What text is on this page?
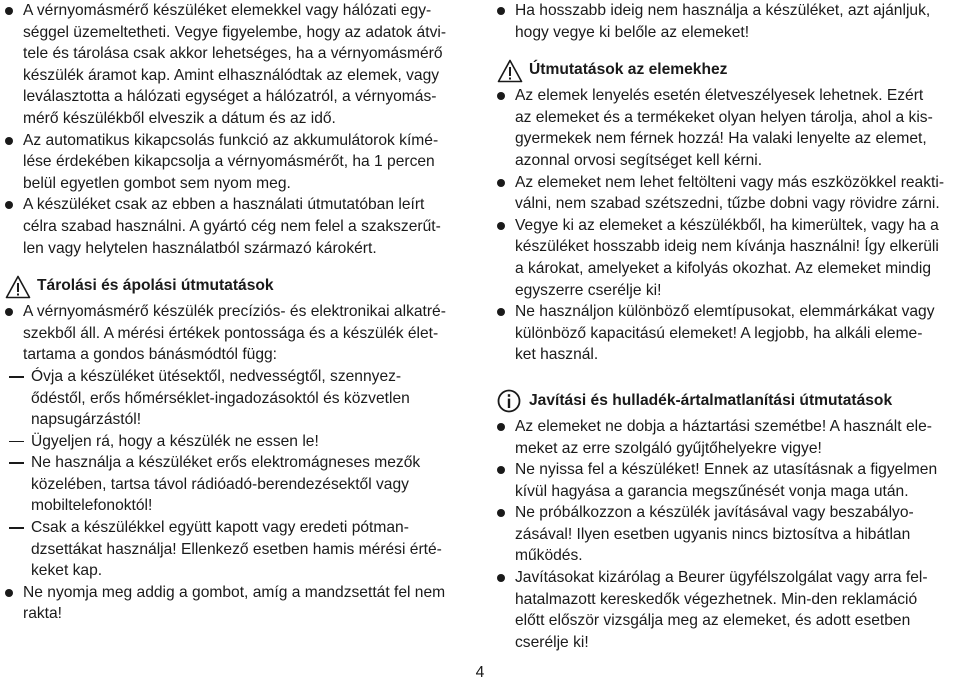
A vérnyomásmérő készüléket elemekkel vagy hálózati egy-
séggel üzemeltetheti. Vegye figyelembe, hogy az adatok átvi-
tele és tárolása csak akkor lehetséges, ha a vérnyomásmérő
készülék áramot kap. Amint elhasználódtak az elemek, vagy
leválasztotta a hálózati egységet a hálózatról, a vérnyomás-
mérő készülékből elveszik a dátum és az idő.
Az automatikus kikapcsolás funkció az akkumulátorok kímé-
lése érdekében kikapcsolja a vérnyomásmérőt, ha 1 percen
belül egyetlen gombot sem nyom meg.
A készüléket csak az ebben a használati útmutatóban leírt
célra szabad használni. A gyártó cég nem felel a szakszerűt-
len vagy helytelen használatból származó károkért.
Tárolási és ápolási útmutatások
A vérnyomásmérő készülék precíziós- és elektronikai alkatré-
szekből áll. A mérési értékek pontossága és a készülék élet-
tartama a gondos bánásmódtól függ:
Óvja a készüléket ütésektől, nedvességtől, szennyez-
ődéstől, erős hőmérséklet-ingadozásoktól és közvetlen
napsugárzástól!
Ügyeljen rá, hogy a készülék ne essen le!
Ne használja a készüléket erős elektromágneses mezők
közelében, tartsa távol rádióadó-berendezésektől vagy
mobiltelefonoktól!
Csak a készülékkel együtt kapott vagy eredeti pótman-
dzsettákat használja! Ellenkező esetben hamis mérési érté-
keket kap.
Ne nyomja meg addig a gombot, amíg a mandzsettát fel nem
rakta!
Ha hosszabb ideig nem használja a készüléket, azt ajánljuk,
hogy vegye ki belőle az elemeket!
Útmutatások az elemekhez
Az elemek lenyelés esetén életveszélyesek lehetnek. Ezért
az elemeket és a termékeket olyan helyen tárolja, ahol a kis-
gyermekek nem férnek hozzá! Ha valaki lenyelte az elemet,
azonnal orvosi segítséget kell kérni.
Az elemeket nem lehet feltölteni vagy más eszközökkel reakti-
válni, nem szabad szétszedni, tűzbe dobni vagy rövidre zárni.
Vegye ki az elemeket a készülékből, ha kimerültek, vagy ha a
készüléket hosszabb ideig nem kívánja használni! Így elkerüli
a károkat, amelyeket a kifolyás okozhat. Az elemeket mindig
egyszerre cserélje ki!
Ne használjon különböző elemtípusokat, elemmárkákat vagy
különböző kapacitású elemeket! A legjobb, ha alkáli eleme-
ket használ.
Javítási és hulladék-ártalmatlanítási útmutatások
Az elemeket ne dobja a háztartási szemétbe! A használt ele-
meket az erre szolgáló gyűjtőhelyekre vigye!
Ne nyissa fel a készüléket! Ennek az utasításnak a figyelmen
kívül hagyása a garancia megszűnését vonja maga után.
Ne próbálkozzon a készülék javításával vagy beszabályo-
zásával! Ilyen esetben ugyanis nincs biztosítva a hibátlan
működés.
Javításokat kizárólag a Beurer ügyfélszolgálat vagy arra fel-
hatalmazott kereskedők végezhetnek. Min-den reklamáció
előtt először vizsgálja meg az elemeket, és adott esetben
cserélje ki!
4
